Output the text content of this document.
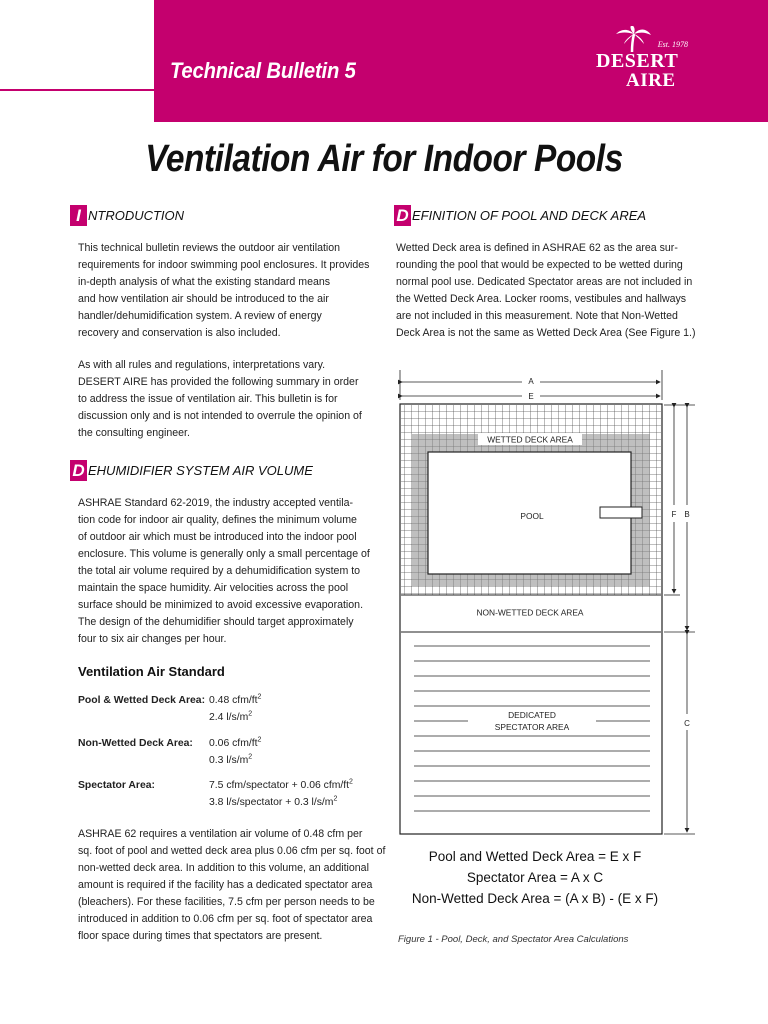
Technical Bulletin 5
Est. 1978
DESERT
AIRE
Ventilation Air for Indoor Pools
I NTRODUCTION
This technical bulletin reviews the outdoor air ventilation
requirements for indoor swimming pool enclosures. It provides
in-depth analysis of what the existing standard means
and how ventilation air should be introduced to the air
handler/dehumidification system. A review of energy
recovery and conservation is also included.
As with all rules and regulations, interpretations vary.
DESERT AIRE has provided the following summary in order
to address the issue of ventilation air. This bulletin is for
discussion only and is not intended to overrule the opinion of
the consulting engineer.
D EHUMIDIFIER SYSTEM AIR VOLUME
ASHRAE Standard 62-2019, the industry accepted ventila-
tion code for indoor air quality, defines the minimum volume
of outdoor air which must be introduced into the indoor pool
enclosure. This volume is generally only a small percentage of
the total air volume required by a dehumidification system to
maintain the space humidity. Air velocities across the pool
surface should be minimized to avoid excessive evaporation.
The design of the dehumidifier should target approximately
four to six air changes per hour.
Ventilation Air Standard
Pool & Wetted Deck Area: 0.48 cfm/$ft^2$
2.4 $l/s/m^2$
Non-Wetted Deck Area: 0.06 cfm/$ft^2$
0.3 $l/s/m^2$
Spectator Area:	7.5 cfm/spectator + 0.06 cfm/$ft^2$
3.8 l/s/spectator + 0.3 $l/s/m^2$
ASHRAE 62 requires a ventilation air volume of 0.48 cfm per
sq. foot of pool and wetted deck area plus 0.06 cfm per sq. foot of
non-wetted deck area. In addition to this volume, an additional
amount is required if the facility has a dedicated spectator area
(bleachers). For these facilities, 7.5 cfm per person needs to be
introduced in addition to 0.06 cfm per sq. foot of spectator area
floor space during times that spectators are present.
D EFINITION OF POOL AND DECK AREA
Wetted Deck area is defined in ASHRAE 62 as the area sur-
rounding the pool that would be expected to be wetted during
normal pool use. Dedicated Spectator areas are not included in
the Wetted Deck Area. Locker rooms, vestibules and hallways
are not included in this measurement. Note that Non-Wetted
Deck Area is not the same as Wetted Deck Area (See Figure 1.)
A
E
WETTED DECK AREA
POOL
NON-WETTED DECK AREA
DEDICATED
SPECTATOR AREA
F B
C
Pool and Wetted Deck Area = E x F
Spectator Area = A x C
Non-Wetted Deck Area = (A x B) - (E x F)
Figure 1 - Pool, Deck, and Spectator Area Calculations
